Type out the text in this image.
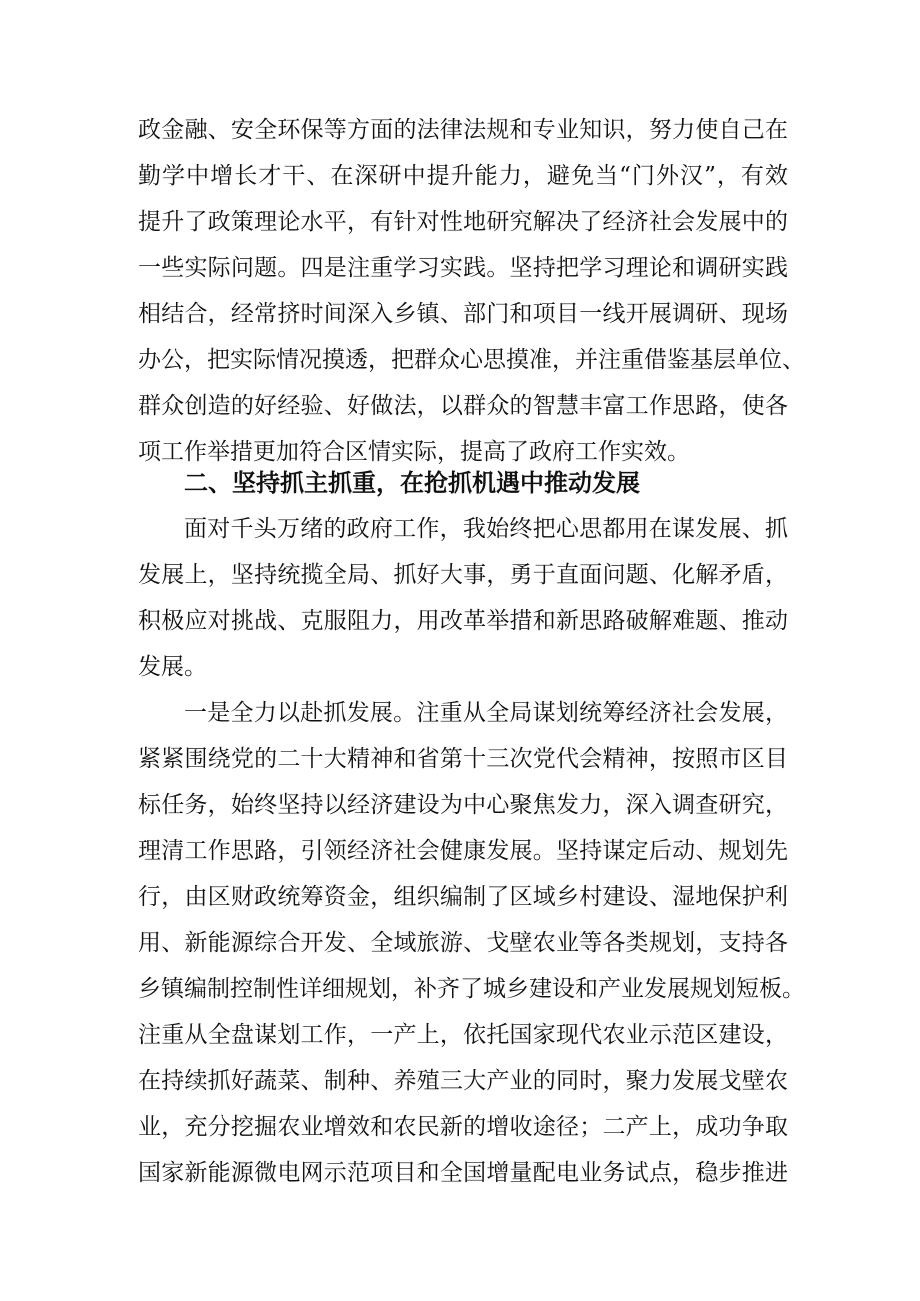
政金融、安全环保等方面的法律法规和专业知识，努力使自己在
勤学中增长才干、在深研中提升能力，避免当“门外汉”，有效
提升了政策理论水平，有针对性地研究解决了经济社会发展中的
一些实际问题。四是注重学习实践。坚持把学习理论和调研实践
相结合，经常挤时间深入乡镇、部门和项目一线开展调研、现场
办公，把实际情况摸透，把群众心思摸准，并注重借鉴基层单位、
群众创造的好经验、好做法，以群众的智慧丰富工作思路，使各
项工作举措更加符合区情实际，提高了政府工作实效。
二、坚持抓主抓重，在抢抓机遇中推动发展
面对千头万绪的政府工作，我始终把心思都用在谋发展、抓
发展上，坚持统揽全局、抓好大事，勇于直面问题、化解矛盾，
积极应对挑战、克服阻力，用改革举措和新思路破解难题、推动
发展。
一是全力以赴抓发展。注重从全局谋划统筹经济社会发展，
紧紧围绕党的二十大精神和省第十三次党代会精神，按照市区目
标任务，始终坚持以经济建设为中心聚焦发力，深入调查研究，
理清工作思路，引领经济社会健康发展。坚持谋定后动、规划先
行，由区财政统筹资金，组织编制了区域乡村建设、湿地保护利
用、新能源综合开发、全域旅游、戈壁农业等各类规划，支持各
乡镇编制控制性详细规划，补齐了城乡建设和产业发展规划短板。
注重从全盘谋划工作，一产上，依托国家现代农业示范区建设，
在持续抓好蔬菜、制种、养殖三大产业的同时，聚力发展戈壁农
业，充分挖掘农业增效和农民新的增收途径；二产上，成功争取
国家新能源微电网示范项目和全国增量配电业务试点，稳步推进
